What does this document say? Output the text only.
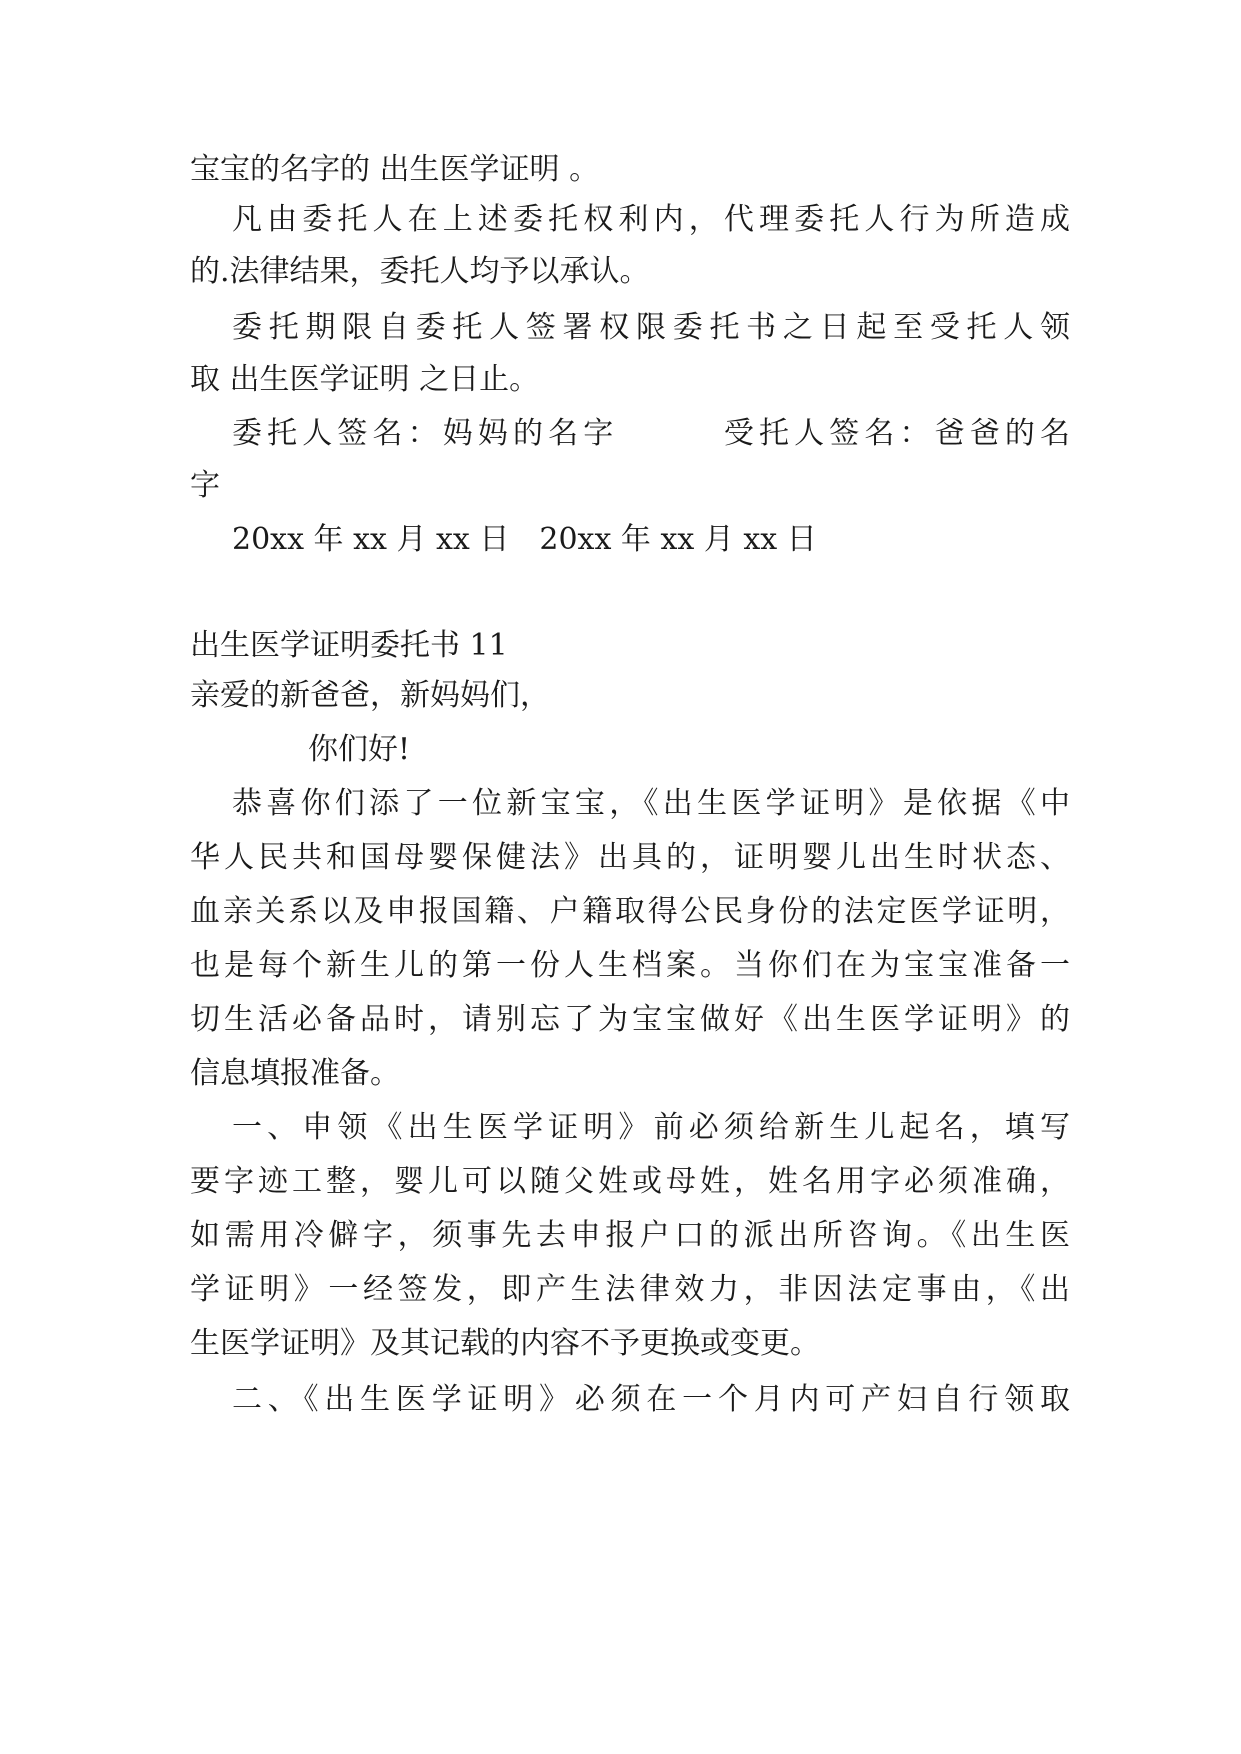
宝宝的名字的 出生医学证明 。

凡由委托人在上述委托权利内，代理委托人行为所造成

的.法律结果，委托人均予以承认。

委托期限自委托人签署权限委托书之日起至受托人领

取 出生医学证明 之日止。

委托人签名：妈妈的名字　　　受托人签名：爸爸的名

字

20xx 年 xx 月 xx 日　20xx 年 xx 月 xx 日

出生医学证明委托书 11

亲爱的新爸爸，新妈妈们，

你们好!

恭喜你们添了一位新宝宝，《出生医学证明》是依据《中

华人民共和国母婴保健法》出具的，证明婴儿出生时状态、

血亲关系以及申报国籍、户籍取得公民身份的法定医学证明，

也是每个新生儿的第一份人生档案。当你们在为宝宝准备一

切生活必备品时，请别忘了为宝宝做好《出生医学证明》的

信息填报准备。

一、申领《出生医学证明》前必须给新生儿起名，填写

要字迹工整，婴儿可以随父姓或母姓，姓名用字必须准确，

如需用冷僻字，须事先去申报户口的派出所咨询。《出生医

学证明》一经签发，即产生法律效力，非因法定事由，《出

生医学证明》及其记载的内容不予更换或变更。

二、《出生医学证明》必须在一个月内可产妇自行领取
